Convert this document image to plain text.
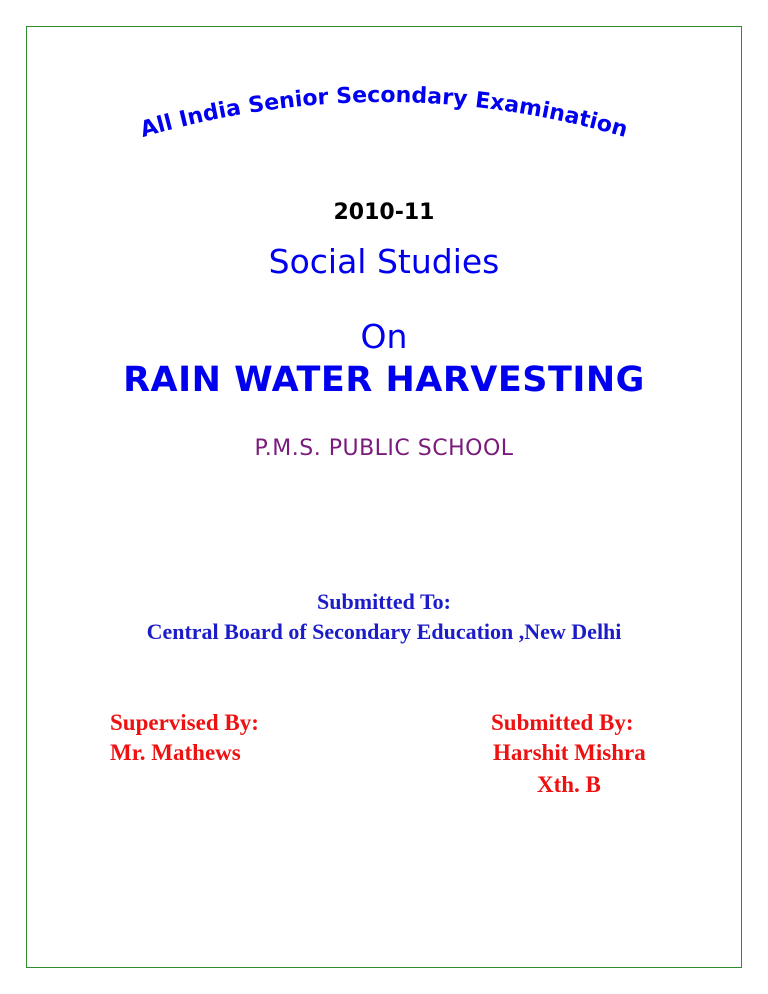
All India Senior Secondary Examination
2010-11
Social Studies
On
RAIN WATER HARVESTING
P.M.S. PUBLIC SCHOOL
Submitted To:
Central Board of Secondary Education ,New Delhi
Supervised By:
Mr. Mathews
Submitted By:
Harshit Mishra
Xth. B
